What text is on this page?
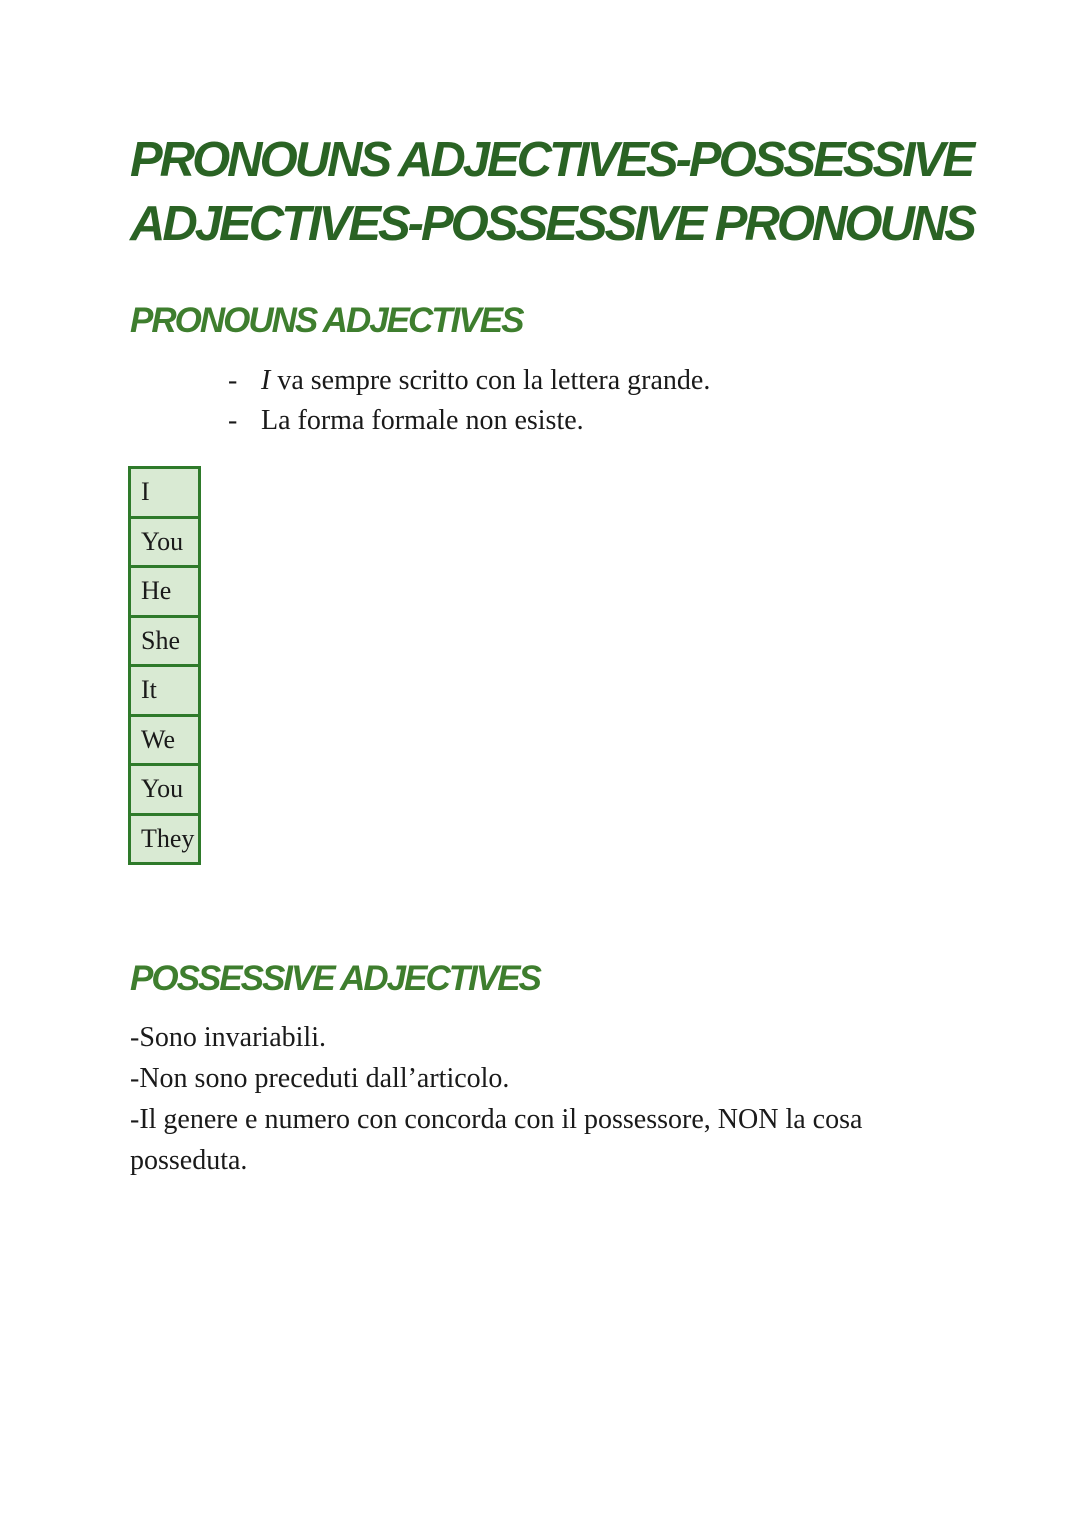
PRONOUNS ADJECTIVES-POSSESSIVE
ADJECTIVES-POSSESSIVE PRONOUNS
PRONOUNS ADJECTIVES
- I va sempre scritto con la lettera grande.
- La forma formale non esiste.
I
You
He
She
It
We
You
They
POSSESSIVE ADJECTIVES

-Sono invariabili.

-Non sono preceduti dall’articolo.

-Il genere e numero con concorda con il possessore, NON la cosa posseduta.
